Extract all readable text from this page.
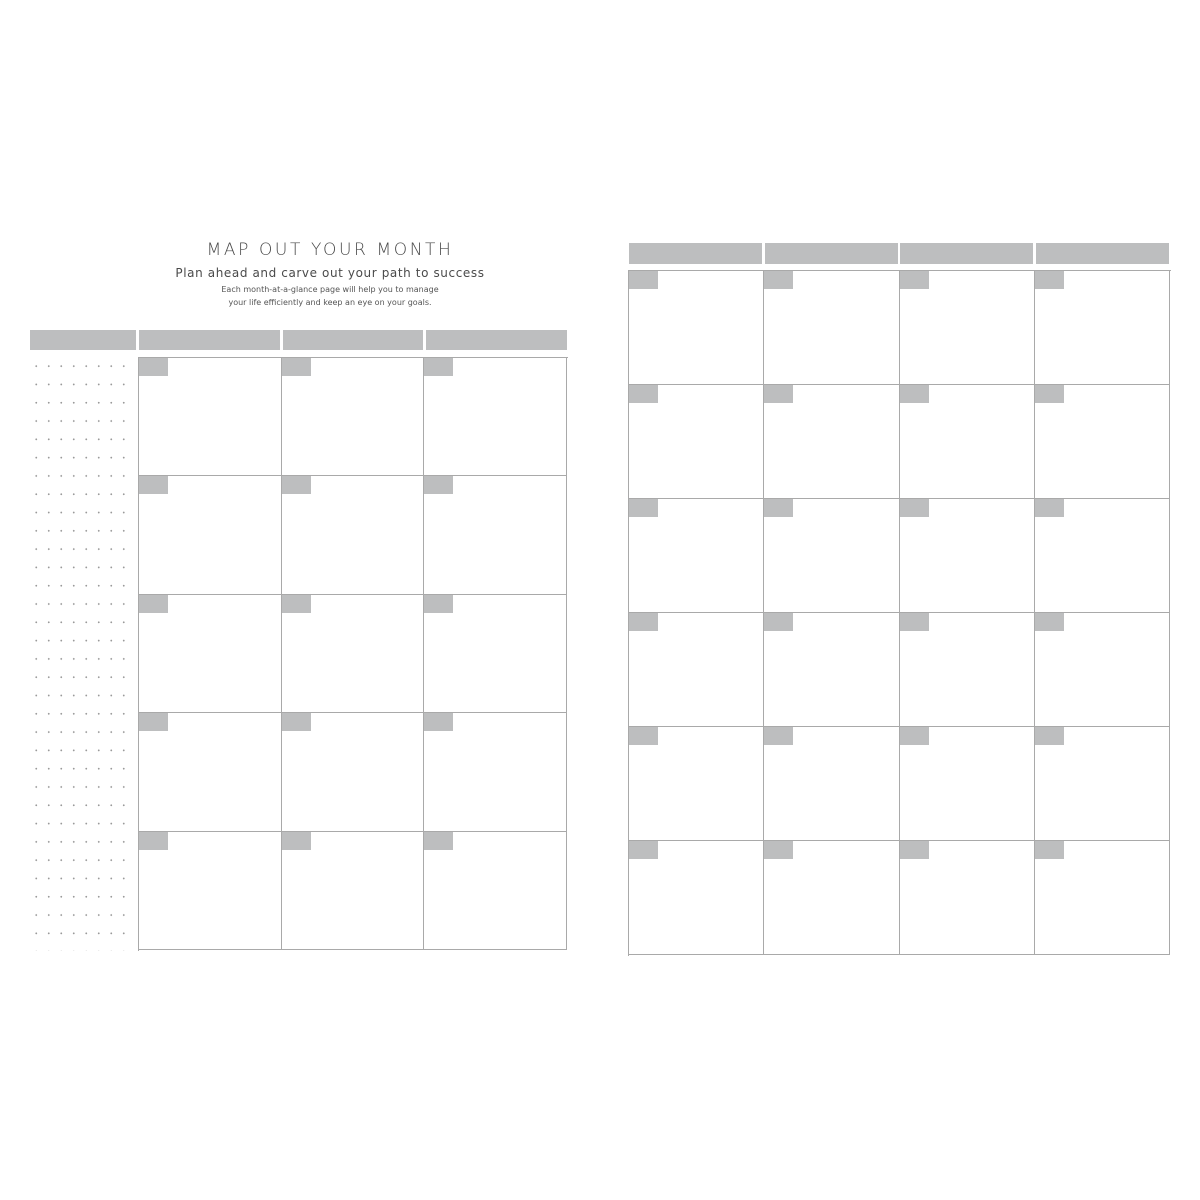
MAP OUT YOUR MONTH
Plan ahead and carve out your path to success
Each month-at-a-glance page will help you to manage
your life efficiently and keep an eye on your goals.
